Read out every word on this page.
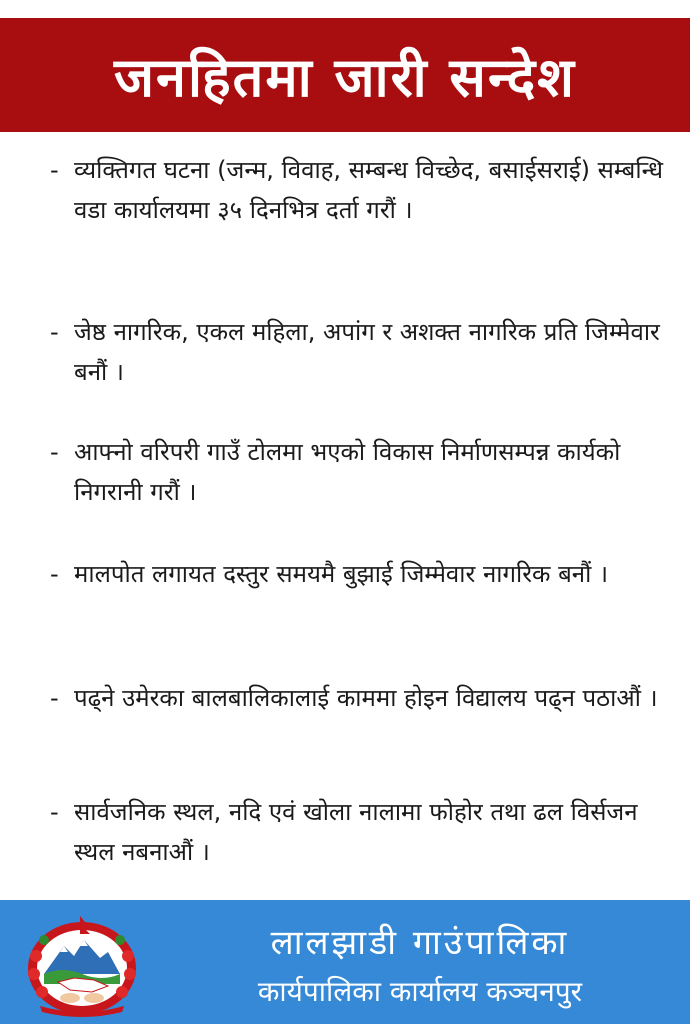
जनहितमा जारी सन्देश
- व्यक्तिगत घटना (जन्म, विवाह, सम्बन्ध विच्छेद, बसाईसराई) सम्बन्धि वडा कार्यालयमा ३५ दिनभित्र दर्ता गरौं ।
- जेष्ठ नागरिक, एकल महिला, अपांग र अशक्त नागरिक प्रति जिम्मेवार बनौं ।
- आफ्नो वरिपरी गाउँ टोलमा भएको विकास निर्माणसम्पन्न कार्यको निगरानी गरौं ।
- मालपोत लगायत दस्तुर समयमै बुझाई जिम्मेवार नागरिक बनौं ।
- पढ्ने उमेरका बालबालिकालाई काममा होइन विद्यालय पढ्न पठाऔं ।
- सार्वजनिक स्थल, नदि एवं खोला नालामा फोहोर तथा ढल विर्सजन स्थल नबनाऔं ।
लालझाडी गाउंपालिका
कार्यपालिका कार्यालय कञ्चनपुर
